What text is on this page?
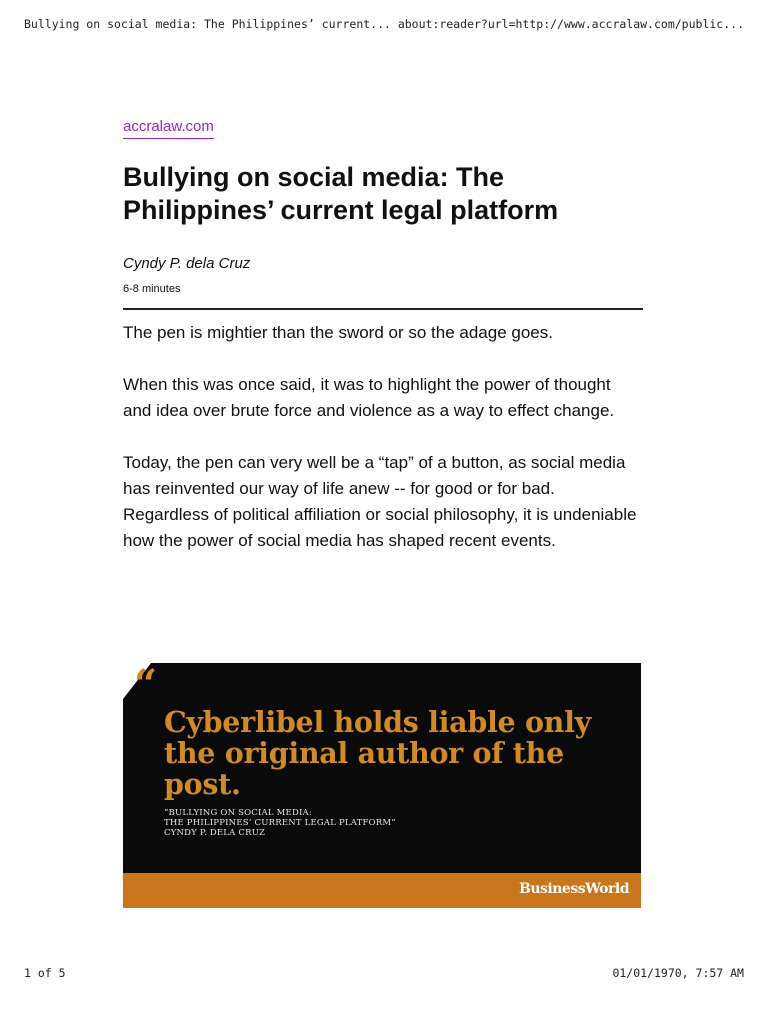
Bullying on social media: The Philippines’ current... about:reader?url=http://www.accralaw.com/public...
accralaw.com
Bullying on social media: The Philippines’ current legal platform
Cyndy P. dela Cruz
6-8 minutes

The pen is mightier than the sword or so the adage goes.

When this was once said, it was to highlight the power of thought and idea over brute force and violence as a way to effect change.

Today, the pen can very well be a “tap” of a button, as social media has reinvented our way of life anew -- for good or for bad. Regardless of political affiliation or social philosophy, it is undeniable how the power of social media has shaped recent events.

“
Cyberlibel holds liable only the original author of the post.
“BULLYING ON SOCIAL MEDIA:
THE PHILIPPINES’ CURRENT LEGAL PLATFORM”
CYNDY P. DELA CRUZ
BusinessWorld
1 of 5	01/01/1970, 7:57 AM
